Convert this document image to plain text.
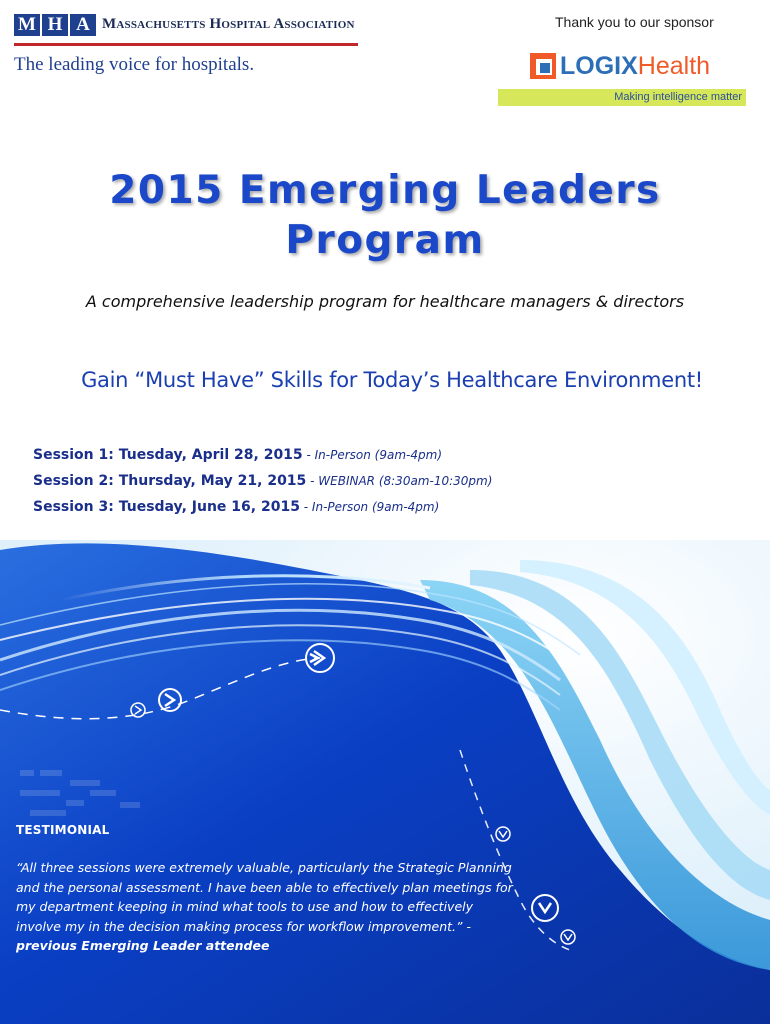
M H A Massachusetts Hospital Association
The leading voice for hospitals.
Thank you to our sponsor
LOGIXHealth
Making intelligence matter
2015 Emerging Leaders
Program
A comprehensive leadership program for healthcare managers & directors
Gain “Must Have” Skills for Today’s Healthcare Environment!
Session 1: Tuesday, April 28, 2015 - In-Person (9am-4pm)
Session 2: Thursday, May 21, 2015 - WEBINAR (8:30am-10:30pm)
Session 3: Tuesday, June 16, 2015 - In-Person (9am-4pm)
TESTIMONIAL
“All three sessions were extremely valuable, particularly the Strategic Planning and the personal assessment. I have been able to effectively plan meetings for my department keeping in mind what tools to use and how to effectively involve my in the decision making process for workflow improvement.” - previous Emerging Leader attendee
